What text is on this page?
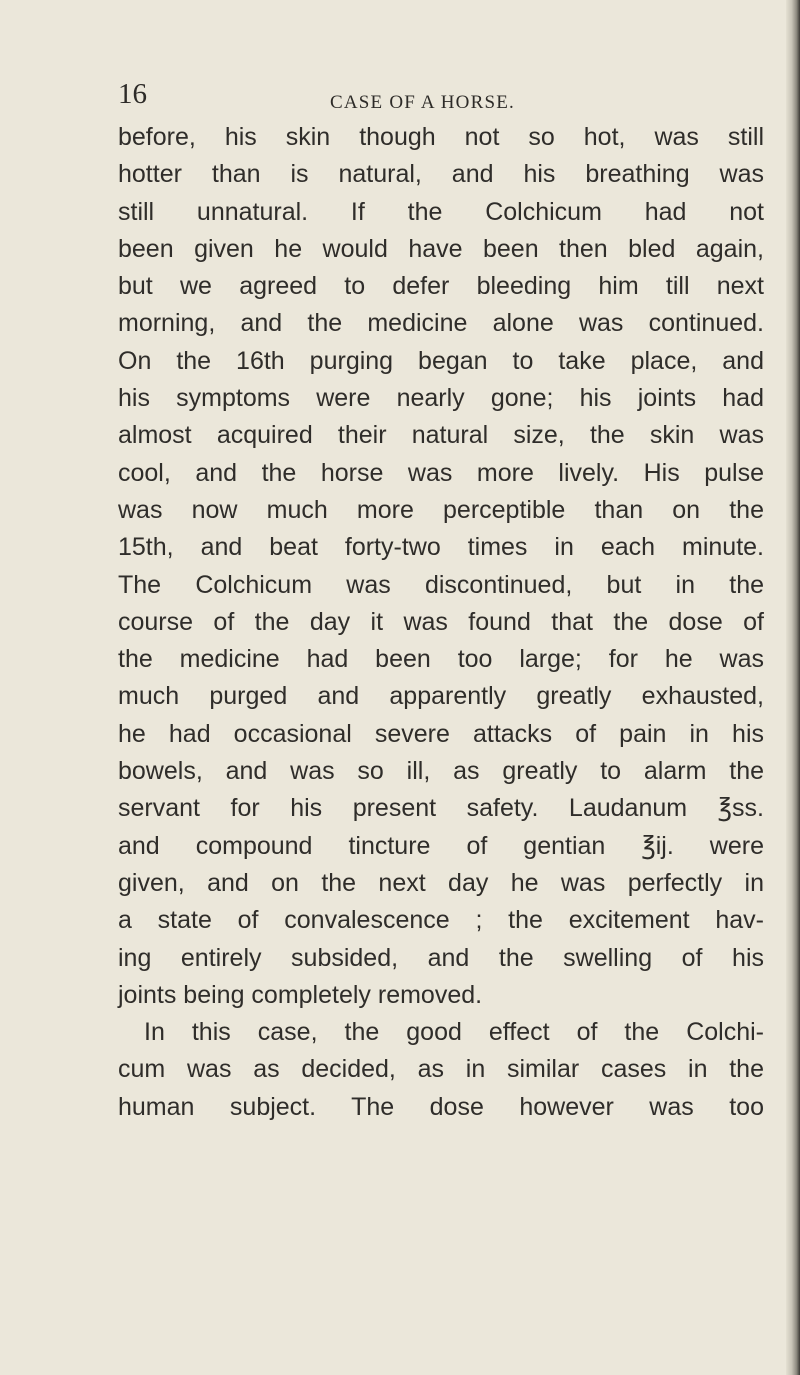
16	CASE OF A HORSE.
before, his skin though not so hot, was still
hotter than is natural, and his breathing was
still unnatural. If the Colchicum had not
been given he would have been then bled again,
but we agreed to defer bleeding him till next
morning, and the medicine alone was continued.
On the 16th purging began to take place, and
his symptoms were nearly gone; his joints had
almost acquired their natural size, the skin was
cool, and the horse was more lively. His pulse
was now much more perceptible than on the
15th, and beat forty-two times in each minute.
The Colchicum was discontinued, but in the
course of the day it was found that the dose of
the medicine had been too large; for he was
much purged and apparently greatly exhausted,
he had occasional severe attacks of pain in his
bowels, and was so ill, as greatly to alarm the
servant for his present safety. Laudanum ℥ss.
and compound tincture of gentian ℥ij. were
given, and on the next day he was perfectly in
a state of convalescence ; the excitement hav-
ing entirely subsided, and the swelling of his
joints being completely removed.
In this case, the good effect of the Colchi-
cum was as decided, as in similar cases in the
human subject. The dose however was too
